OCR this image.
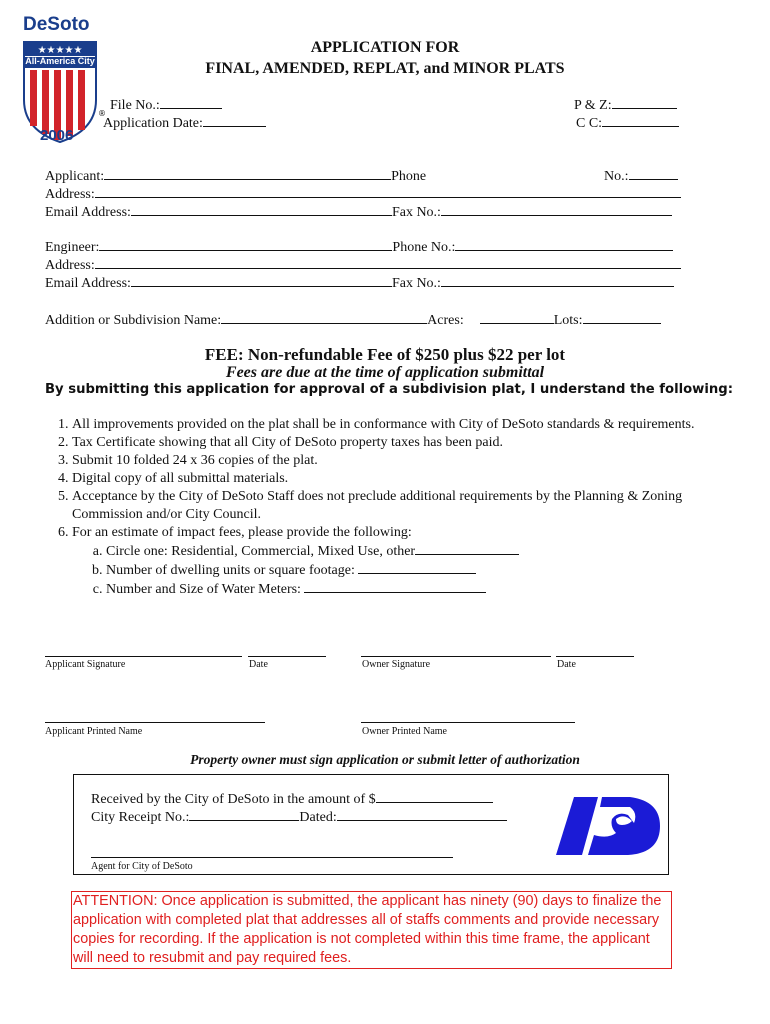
DeSoto
★★★★★
®
All-America City
2006
APPLICATION FOR
FINAL, AMENDED, REPLAT, and MINOR PLATS
File No.:
Application Date:
P & Z:
C C:
Applicant:	Phone	No.:
Address:
Email Address:	Fax No.:
Engineer:	Phone No.:
Address:
Email Address:	Fax No.:
Addition or Subdivision Name:	Acres:	Lots:
FEE: Non-refundable Fee of $250 plus $22 per lot
Fees are due at the time of application submittal
By submitting this application for approval of a subdivision plat, I understand the following:
1. All improvements provided on the plat shall be in conformance with City of DeSoto standards & requirements.
2. Tax Certificate showing that all City of DeSoto property taxes has been paid.
3. Submit 10 folded 24 x 36 copies of the plat.
4. Digital copy of all submittal materials.
5. Acceptance by the City of DeSoto Staff does not preclude additional requirements by the Planning & Zoning Commission and/or City Council.
6. For an estimate of impact fees, please provide the following:
a. Circle one: Residential, Commercial, Mixed Use, other
b. Number of dwelling units or square footage:
c. Number and Size of Water Meters:
Applicant Signature	Date	Owner Signature	Date
Applicant Printed Name	Owner Printed Name
Property owner must sign application or submit letter of authorization
Received by the City of DeSoto in the amount of $
City Receipt No.:	Dated:
Agent for City of DeSoto
ATTENTION: Once application is submitted, the applicant has ninety (90) days to finalize the application with completed plat that addresses all of staffs comments and provide necessary copies for recording. If the application is not completed within this time frame, the applicant will need to resubmit and pay required fees.
